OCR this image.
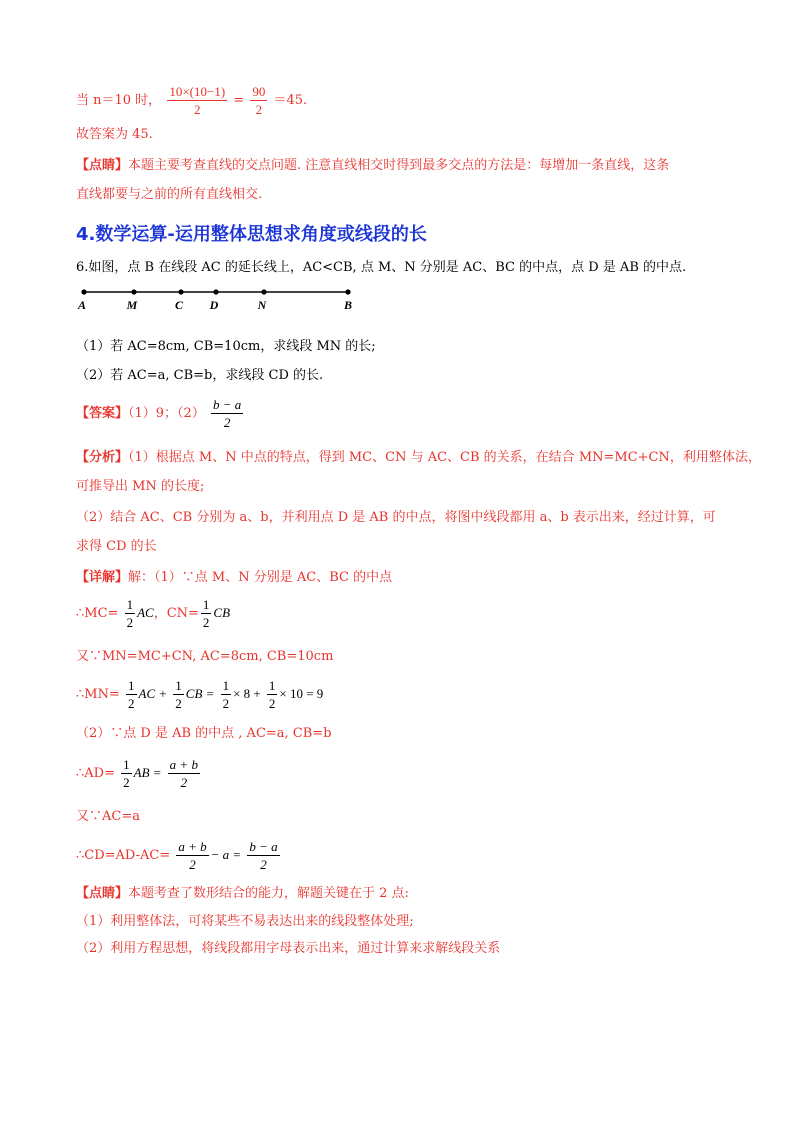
当 n＝10 时， $\frac{10\times(10-1)}{2} = \frac{90}{2} =45$.
故答案为 45.
【点睛】本题主要考查直线的交点问题. 注意直线相交时得到最多交点的方法是：每增加一条直线，这条
直线都要与之前的所有直线相交.
4.数学运算-运用整体思想求角度或线段的长
6.如图，点 B 在线段 AC 的延长线上，AC<CB, 点 M、N 分别是 AC、BC 的中点，点 D 是 AB 的中点.
A	M	C D	N	B
（1）若 AC=8cm, CB=10cm，求线段 MN 的长;
（2）若 AC=a, CB=b，求线段 CD 的长.
【答案】（1）9；$(2) \frac{b - a}{2}$
【分析】（1）根据点 M、N 中点的特点，得到 MC、CN 与 AC、CB 的关系，在结合 MN=MC+CN，利用整体法，
可推导出 MN 的长度;
（2）结合 AC、CB 分别为 a、b，并利用点 D 是 AB 的中点，将图中线段都用 a、b 表示出来，经过计算，可
求得 CD 的长
【详解】解：（1）∵点 M、N 分别是 AC、BC 的中点
∴MC= $\frac{1}{2}$ AC，$CN= \frac{1}{2}$ CB
又∵MN=MC+CN, AC=8cm, CB=10cm
∴MN= $\frac{1}{2}$ AC + $\frac{1}{2}$ CB = $\frac{1}{2} \times 8 + \frac{1}{2} \times 10 = 9$
（2）∵点 D 是 AB 的中点 , AC=a, CB=b
∴AD= $\frac{1}{2}$ AB = $\frac{a + b}{2}$
又∵AC=a
∴CD=AD-AC= $\frac{a + b}{2} - a = \frac{b - a}{2}$
【点睛】本题考查了数形结合的能力，解题关键在于 2 点:
（1）利用整体法，可将某些不易表达出来的线段整体处理;
（2）利用方程思想，将线段都用字母表示出来，通过计算来求解线段关系
